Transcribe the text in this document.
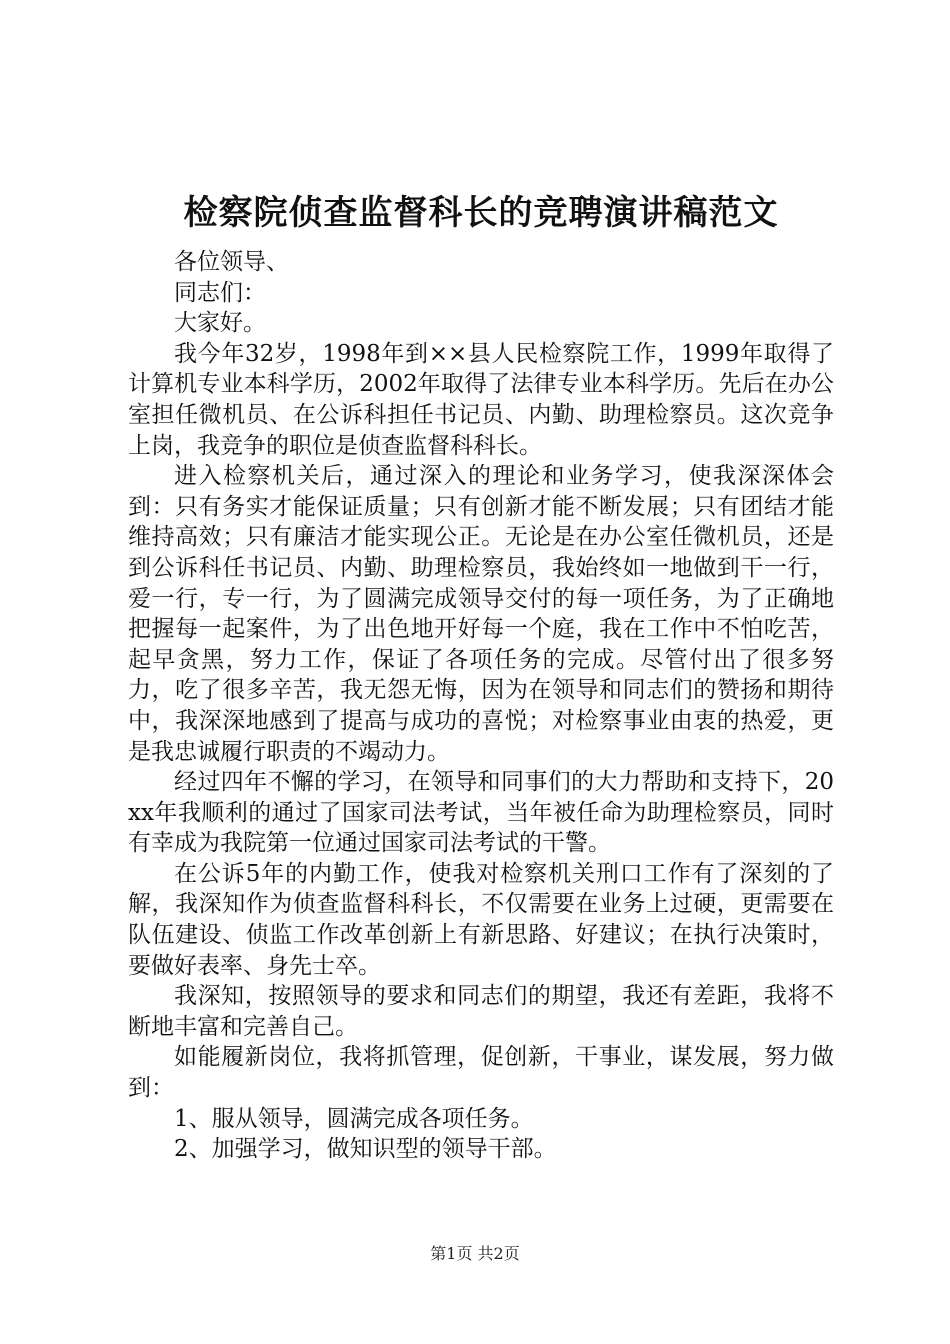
检察院侦查监督科长的竞聘演讲稿范文

各位领导、

同志们：

大家好。

我今年32岁，1998年到××县人民检察院工作，1999年取得了计算机专业本科学历，2002年取得了法律专业本科学历。先后在办公室担任微机员、在公诉科担任书记员、内勤、助理检察员。这次竞争上岗，我竞争的职位是侦查监督科科长。

进入检察机关后，通过深入的理论和业务学习，使我深深体会到：只有务实才能保证质量；只有创新才能不断发展；只有团结才能维持高效；只有廉洁才能实现公正。无论是在办公室任微机员，还是到公诉科任书记员、内勤、助理检察员，我始终如一地做到干一行，爱一行，专一行，为了圆满完成领导交付的每一项任务，为了正确地把握每一起案件，为了出色地开好每一个庭，我在工作中不怕吃苦，起早贪黑，努力工作，保证了各项任务的完成。尽管付出了很多努力，吃了很多辛苦，我无怨无悔，因为在领导和同志们的赞扬和期待中，我深深地感到了提高与成功的喜悦；对检察事业由衷的热爱，更是我忠诚履行职责的不竭动力。

经过四年不懈的学习，在领导和同事们的大力帮助和支持下，20xx年我顺利的通过了国家司法考试，当年被任命为助理检察员，同时有幸成为我院第一位通过国家司法考试的干警。

在公诉5年的内勤工作，使我对检察机关刑口工作有了深刻的了解，我深知作为侦查监督科科长，不仅需要在业务上过硬，更需要在队伍建设、侦监工作改革创新上有新思路、好建议；在执行决策时，要做好表率、身先士卒。

我深知，按照领导的要求和同志们的期望，我还有差距，我将不断地丰富和完善自己。

如能履新岗位，我将抓管理，促创新，干事业，谋发展，努力做到：

1、服从领导，圆满完成各项任务。

2、加强学习，做知识型的领导干部。

第1页 共2页
